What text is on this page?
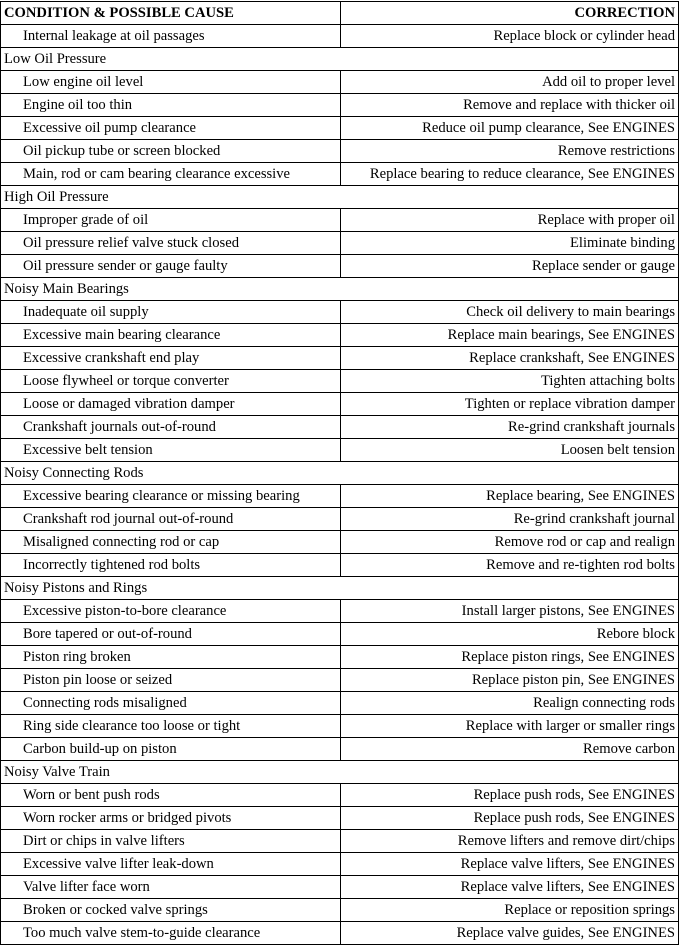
CONDITION & POSSIBLE CAUSE	CORRECTION
Internal leakage at oil passages	Replace block or cylinder head
Low Oil Pressure	
Low engine oil level	Add oil to proper level
Engine oil too thin	Remove and replace with thicker oil
Excessive oil pump clearance	Reduce oil pump clearance, See ENGINES
Oil pickup tube or screen blocked	Remove restrictions
Main, rod or cam bearing clearance excessive	Replace bearing to reduce clearance, See ENGINES
High Oil Pressure	
Improper grade of oil	Replace with proper oil
Oil pressure relief valve stuck closed	Eliminate binding
Oil pressure sender or gauge faulty	Replace sender or gauge
Noisy Main Bearings	
Inadequate oil supply	Check oil delivery to main bearings
Excessive main bearing clearance	Replace main bearings, See ENGINES
Excessive crankshaft end play	Replace crankshaft, See ENGINES
Loose flywheel or torque converter	Tighten attaching bolts
Loose or damaged vibration damper	Tighten or replace vibration damper
Crankshaft journals out-of-round	Re-grind crankshaft journals
Excessive belt tension	Loosen belt tension
Noisy Connecting Rods	
Excessive bearing clearance or missing bearing	Replace bearing, See ENGINES
Crankshaft rod journal out-of-round	Re-grind crankshaft journal
Misaligned connecting rod or cap	Remove rod or cap and realign
Incorrectly tightened rod bolts	Remove and re-tighten rod bolts
Noisy Pistons and Rings	
Excessive piston-to-bore clearance	Install larger pistons, See ENGINES
Bore tapered or out-of-round	Rebore block
Piston ring broken	Replace piston rings, See ENGINES
Piston pin loose or seized	Replace piston pin, See ENGINES
Connecting rods misaligned	Realign connecting rods
Ring side clearance too loose or tight	Replace with larger or smaller rings
Carbon build-up on piston	Remove carbon
Noisy Valve Train	
Worn or bent push rods	Replace push rods, See ENGINES
Worn rocker arms or bridged pivots	Replace push rods, See ENGINES
Dirt or chips in valve lifters	Remove lifters and remove dirt/chips
Excessive valve lifter leak-down	Replace valve lifters, See ENGINES
Valve lifter face worn	Replace valve lifters, See ENGINES
Broken or cocked valve springs	Replace or reposition springs
Too much valve stem-to-guide clearance	Replace valve guides, See ENGINES
